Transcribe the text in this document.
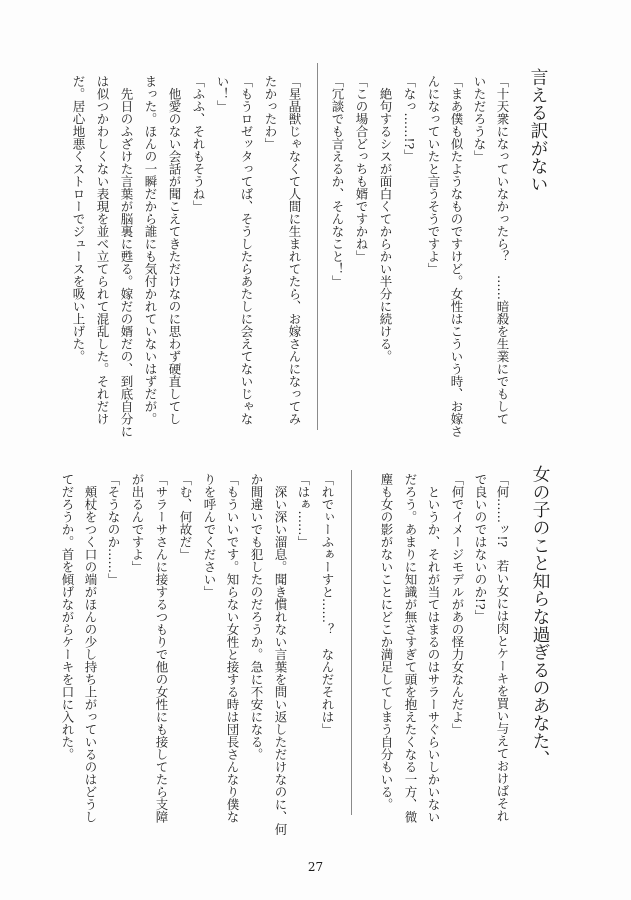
言える訳がない
「十天衆になっていなかったら？　……暗殺を生業にでもして
いただろうな」
「まあ僕も似たようなものですけど。女性はこういう時、お嫁さ
んになっていたと言うそうですよ」
「なっ……!?」
　絶句するシスが面白くてからかい半分に続ける。
「この場合どっちも婿ですかね」
「冗談でも言えるか、そんなこと！」
「星晶獣じゃなくて人間に生まれてたら、お嫁さんになってみ
たかったわ」
「もうロゼッタってば、そうしたらあたしに会えてないじゃな
い！」
「ふふ、それもそうね」
　他愛のない会話が聞こえてきただけなのに思わず硬直してし
まった。ほんの一瞬だから誰にも気付かれていないはずだが。
　先日のふざけた言葉が脳裏に甦る。嫁だの婿だの、到底自分に
は似つかわしくない表現を並べ立てられて混乱した。それだけ
だ。居心地悪くストローでジュースを吸い上げた。
女の子のこと知らな過ぎるのあなた、
「何……ッ!?　若い女には肉とケーキを買い与えておけばそれ
で良いのではないのか!?」
「何でイメージモデルがあの怪力女なんだよ」
　というか、それが当てはまるのはサラーサぐらいしかいない
だろう。あまりに知識が無さすぎて頭を抱えたくなる一方、微
塵も女の影がないことにどこか満足してしまう自分もいる。
「れでぃーふぁーすと……？　なんだそれは」
「はぁ……」
　深い深い溜息。聞き慣れない言葉を問い返しただけなのに、何
か間違いでも犯したのだろうか。急に不安になる。
「もういいです。知らない女性と接する時は団長さんなり僕な
りを呼んでください」
「む、何故だ」
「サラーサさんに接するつもりで他の女性にも接してたら支障
が出るんですよ」
「そうなのか……」
　頬杖をつく口の端がほんの少し持ち上がっているのはどうし
てだろうか。首を傾げながらケーキを口に入れた。
27
